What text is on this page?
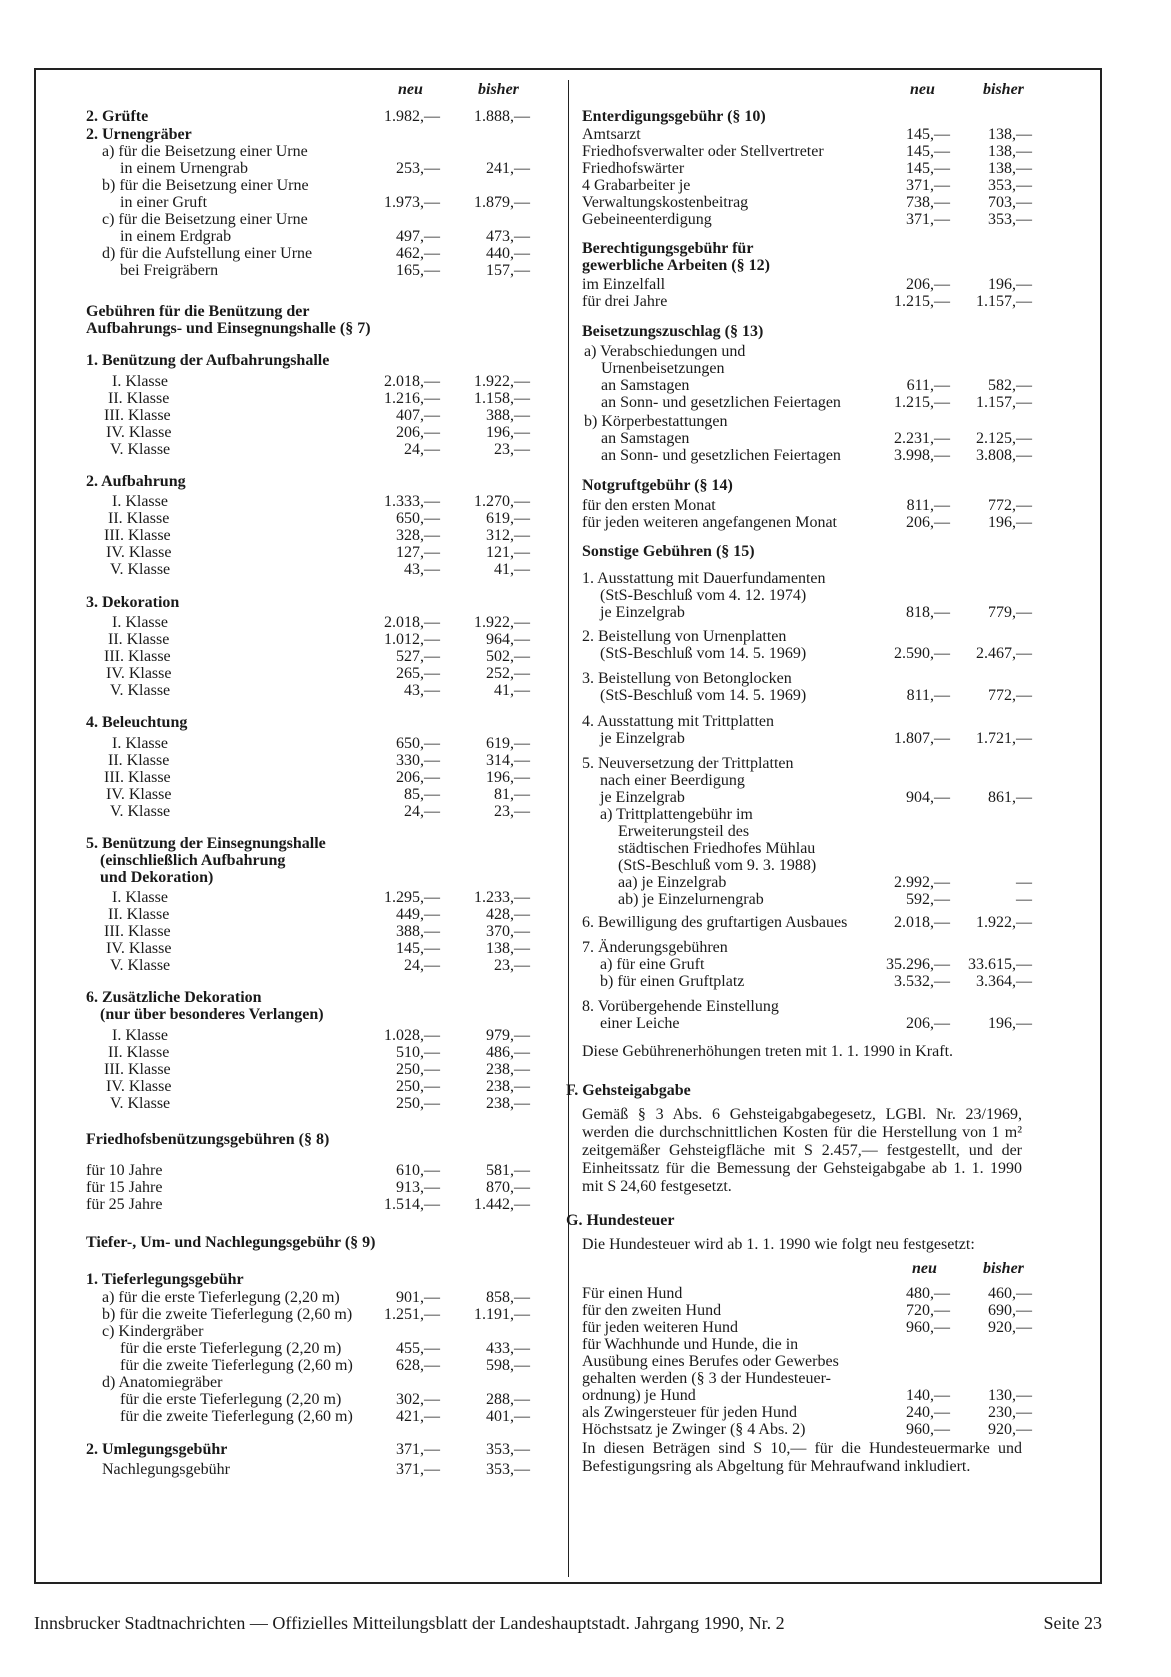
neu	bisher	neu	bisher
2. Grüfte	1.982,— 1.888,—
2. Urnengräber
a) für die Beisetzung einer Urne
in einem Urnengrab	253,—	241,—
b) für die Beisetzung einer Urne
in einer Gruft	1.973,— 1.879,—
c) für die Beisetzung einer Urne
in einem Erdgrab	497,—	473,—
d) für die Aufstellung einer Urne	462,—	440,—
bei Freigräbern	165,—	157,—
Gebühren für die Benützung der
Aufbahrungs- und Einsegnungshalle (§ 7)
1. Benützung der Aufbahrungshalle
I. Klasse	2.018,— 1.922,—
II. Klasse	1.216,— 1.158,—
III. Klasse	407,—	388,—
IV. Klasse	206,—	196,—
V. Klasse	24,—	23,—
2. Aufbahrung
I. Klasse	1.333,— 1.270,—
II. Klasse	650,—	619,—
III. Klasse	328,—	312,—
IV. Klasse	127,—	121,—
V. Klasse	43,—	41,—
3. Dekoration
I. Klasse	2.018,— 1.922,—
II. Klasse	1.012,—	964,—
III. Klasse	527,—	502,—
IV. Klasse	265,—	252,—
V. Klasse	43,—	41,—
4. Beleuchtung
I. Klasse	650,—	619,—
II. Klasse	330,—	314,—
III. Klasse	206,—	196,—
IV. Klasse	85,—	81,—
V. Klasse	24,—	23,—
5. Benützung der Einsegnungshalle
(einschließlich Aufbahrung
und Dekoration)
I. Klasse	1.295,— 1.233,—
II. Klasse	449,—	428,—
III. Klasse	388,—	370,—
IV. Klasse	145,—	138,—
V. Klasse	24,—	23,—
6. Zusätzliche Dekoration
(nur über besonderes Verlangen)
I. Klasse	1.028,—	979,—
II. Klasse	510,—	486,—
III. Klasse	250,—	238,—
IV. Klasse	250,—	238,—
V. Klasse	250,—	238,—
Friedhofsbenützungsgebühren (§ 8)
für 10 Jahre	610,—	581,—
für 15 Jahre	913,—	870,—
für 25 Jahre	1.514,— 1.442,—
Tiefer-, Um- und Nachlegungsgebühr (§ 9)
1. Tieferlegungsgebühr
a) für die erste Tieferlegung (2,20 m)	901,—	858,—
b) für die zweite Tieferlegung (2,60 m) 1.251,— 1.191,—
c) Kindergräber
für die erste Tieferlegung (2,20 m)	455,—	433,—
für die zweite Tieferlegung (2,60 m)	628,—	598,—
d) Anatomiegräber
für die erste Tieferlegung (2,20 m)	302,—	288,—
für die zweite Tieferlegung (2,60 m)	421,—	401,—
2. Umlegungsgebühr	371,—	353,—
Nachlegungsgebühr	371,—	353,—
Enterdigungsgebühr (§ 10)
Amtsarzt	145,— 138,—
Friedhofsverwalter oder Stellvertreter	145,— 138,—
Friedhofswärter	145,— 138,—
4 Grabarbeiter je	371,— 353,—
Verwaltungskostenbeitrag	738,— 703,—
Gebeineenterdigung	371,— 353,—
Berechtigungsgebühr für
gewerbliche Arbeiten (§ 12)
im Einzelfall	206,— 196,—
für drei Jahre	1.215,— 1.157,—
Beisetzungszuschlag (§ 13)
a) Verabschiedungen und
Urnenbeisetzungen
an Samstagen	611,— 582,—
an Sonn- und gesetzlichen Feiertagen	1.215,— 1.157,—
b) Körperbestattungen
an Samstagen	2.231,— 2.125,—
an Sonn- und gesetzlichen Feiertagen	3.998,— 3.808,—
Notgruftgebühr (§ 14)
für den ersten Monat	811,— 772,—
für jeden weiteren angefangenen Monat	206,— 196,—
Sonstige Gebühren (§ 15)
1. Ausstattung mit Dauerfundamenten
(StS-Beschluß vom 4. 12. 1974)
je Einzelgrab	818,— 779,—
2. Beistellung von Urnenplatten
(StS-Beschluß vom 14. 5. 1969)	2.590,— 2.467,—
3. Beistellung von Betonglocken
(StS-Beschluß vom 14. 5. 1969)	811,— 772,—
4. Ausstattung mit Trittplatten
je Einzelgrab	1.807,— 1.721,—
5. Neuversetzung der Trittplatten
nach einer Beerdigung
je Einzelgrab	904,— 861,—
a) Trittplattengebühr im
Erweiterungsteil des
städtischen Friedhofes Mühlau
(StS-Beschluß vom 9. 3. 1988)
aa) je Einzelgrab	2.992,—	—
ab) je Einzelurnengrab	592,—	—
6. Bewilligung des gruftartigen Ausbaues	2.018,— 1.922,—
7. Änderungsgebühren
a) für eine Gruft	35.296,— 33.615,—
b) für einen Gruftplatz	3.532,— 3.364,—
8. Vorübergehende Einstellung
einer Leiche	206,— 196,—
Diese Gebührenerhöhungen treten mit 1. 1. 1990 in Kraft.
F. Gehsteigabgabe
G. Hundesteuer
Die Hundesteuer wird ab 1. 1. 1990 wie folgt neu festgesetzt:
Für einen Hund	480,— 460,—
für den zweiten Hund	720,— 690,—
für jeden weiteren Hund	960,— 920,—
für Wachhunde und Hunde, die in
Ausübung eines Berufes oder Gewerbes
gehalten werden (§ 3 der Hundesteuer-
ordnung) je Hund	140,— 130,—
als Zwingersteuer für jeden Hund	240,— 230,—
Höchstsatz je Zwinger (§ 4 Abs. 2)	960,— 920,—
Gemäß § 3 Abs. 6 Gehsteigabgabegesetz, LGBl. Nr. 23/1969, werden die durchschnittlichen Kosten für die Herstellung von 1 m² zeitgemäßer Gehsteigfläche mit S 2.457,— festgestellt, und der Einheitssatz für die Bemessung der Gehsteigabgabe ab 1. 1. 1990 mit S 24,60 festgesetzt.
neu	bisher
In diesen Beträgen sind S 10,— für die Hundesteuermarke und Befestigungsring als Abgeltung für Mehraufwand inkludiert.
Innsbrucker Stadtnachrichten — Offizielles Mitteilungsblatt der Landeshauptstadt. Jahrgang 1990, Nr. 2	Seite 23
